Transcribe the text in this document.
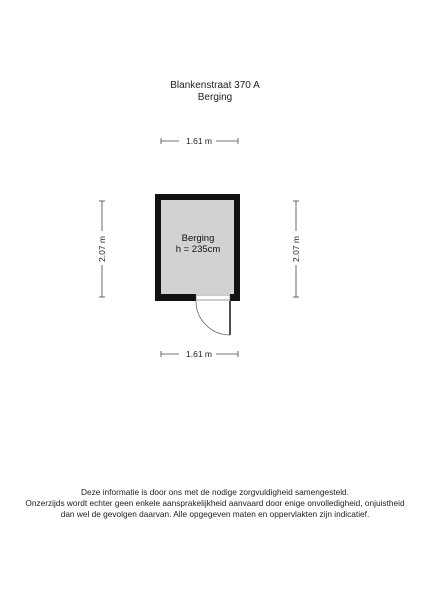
Blankenstraat 370 A
Berging
1.61 m
1.61 m
2.07 m	2.07 m
Berging
h = 235cm
Deze informatie is door ons met de nodige zorgvuldigheid samengesteld.
Onzerzijds wordt echter geen enkele aansprakelijkheid aanvaard door enige onvolledigheid, onjuistheid
dan wel de gevolgen daarvan. Alle opgegeven maten en oppervlakten zijn indicatief.
